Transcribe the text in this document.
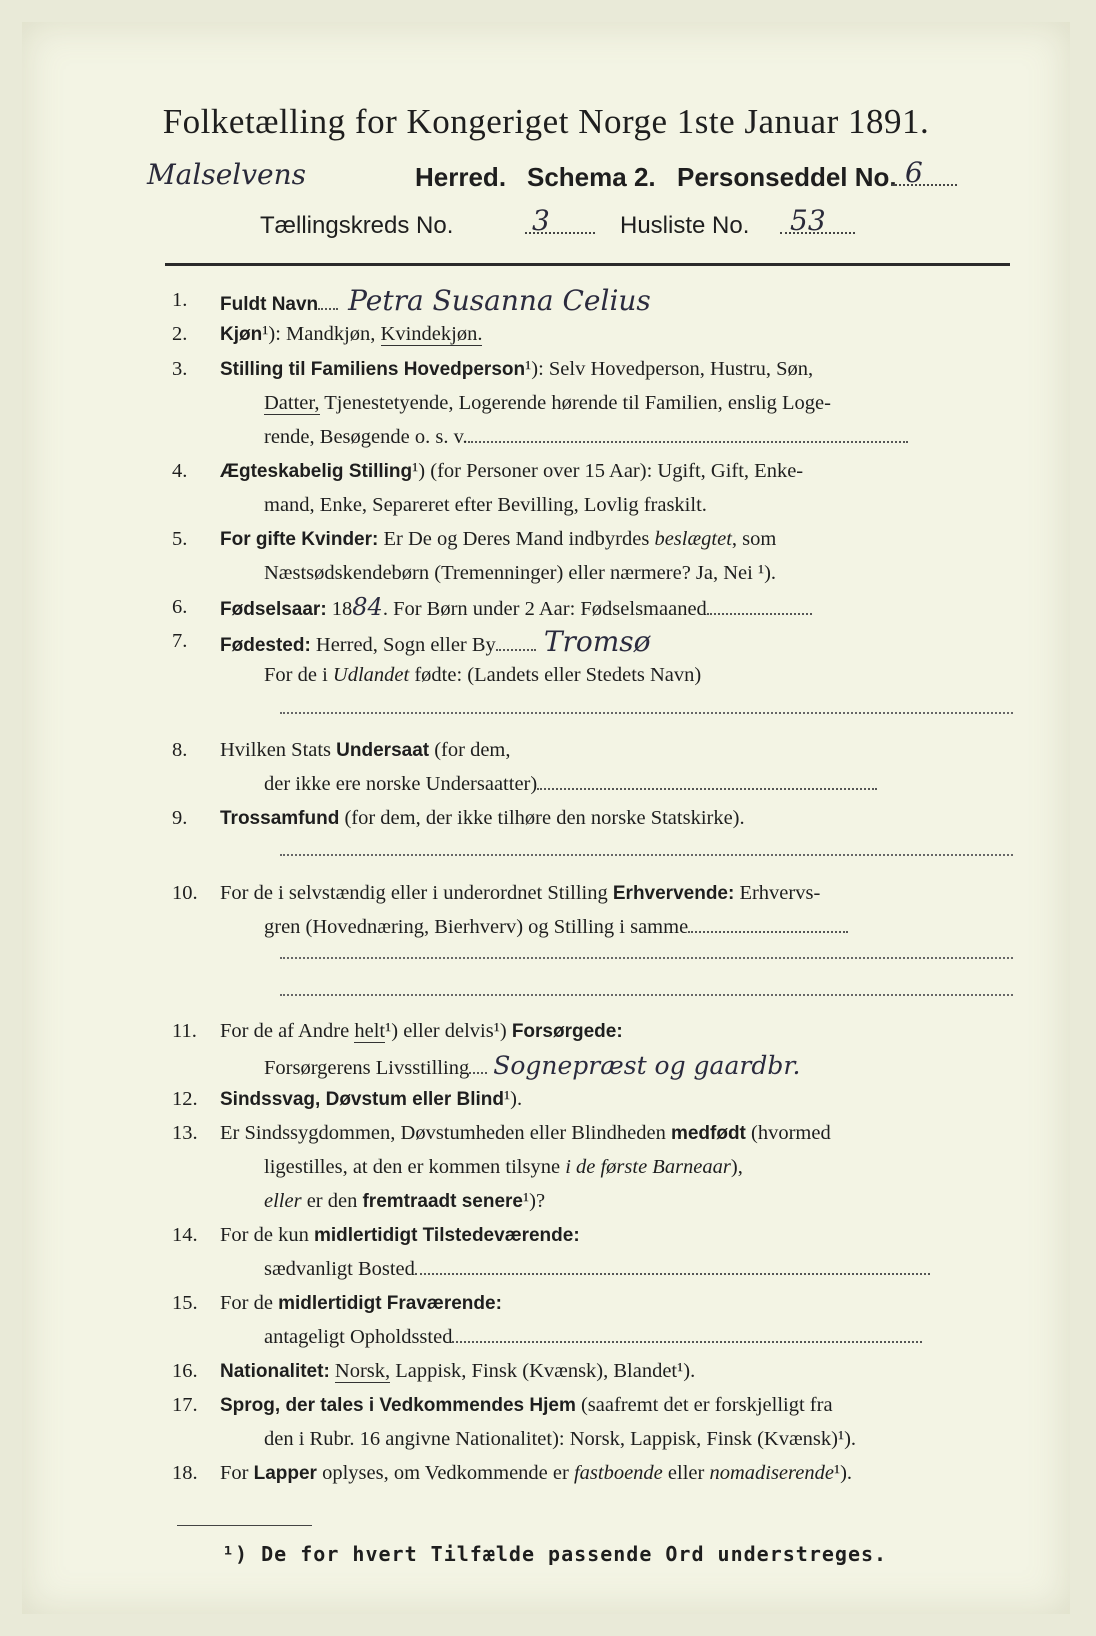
Folketælling for Kongeriget Norge 1ste Januar 1891.
Malselvens	Herred. Schema 2. Personseddel No. 6
Tællingskreds No.	3	Husliste No. 53
1.	Fuldt Navn Petra Susanna Celius
2.	Kjøn¹): Mandkjøn, Kvindekjøn.
3.	Stilling til Familiens Hovedperson¹): Selv Hovedperson, Hustru, Søn,
Datter, Tjenestetyende, Logerende hørende til Familien, enslig Loge-
rende, Besøgende o. s. v.
4.	Ægteskabelig Stilling¹) (for Personer over 15 Aar): Ugift, Gift, Enke-
mand, Enke, Separeret efter Bevilling, Lovlig fraskilt.
5.	For gifte Kvinder: Er De og Deres Mand indbyrdes beslægtet, som
Næstsødskendebørn (Tremenninger) eller nærmere? Ja, Nei ¹).
6.	Fødselsaar: 1884. For Børn under 2 Aar: Fødselsmaaned
7.	Fødested: Herred, Sogn eller By Tromsø
For de i Udlandet fødte: (Landets eller Stedets Navn)
8.	Hvilken Stats Undersaat (for dem,
der ikke ere norske Undersaatter)
9.	Trossamfund (for dem, der ikke tilhøre den norske Statskirke).
10.	For de i selvstændig eller i underordnet Stilling Erhvervende: Erhvervs-
gren (Hovednæring, Bierhverv) og Stilling i samme
11.	For de af Andre helt¹) eller delvis¹) Forsørgede:
Forsørgerens Livsstilling Sognepræst og gaardbr.
12.	Sindssvag, Døvstum eller Blind¹).
13.	Er Sindssygdommen, Døvstumheden eller Blindheden medfødt (hvormed
ligestilles, at den er kommen tilsyne i de første Barneaar),
eller er den fremtraadt senere¹)?
14.	For de kun midlertidigt Tilstedeværende:
sædvanligt Bosted
15.	For de midlertidigt Fraværende:
antageligt Opholdssted
16.	Nationalitet: Norsk, Lappisk, Finsk (Kvænsk), Blandet¹).
17.	Sprog, der tales i Vedkommendes Hjem (saafremt det er forskjelligt fra
den i Rubr. 16 angivne Nationalitet): Norsk, Lappisk, Finsk (Kvænsk)¹).
18.	For Lapper oplyses, om Vedkommende er fastboende eller nomadiserende¹).
¹) De for hvert Tilfælde passende Ord understreges.
